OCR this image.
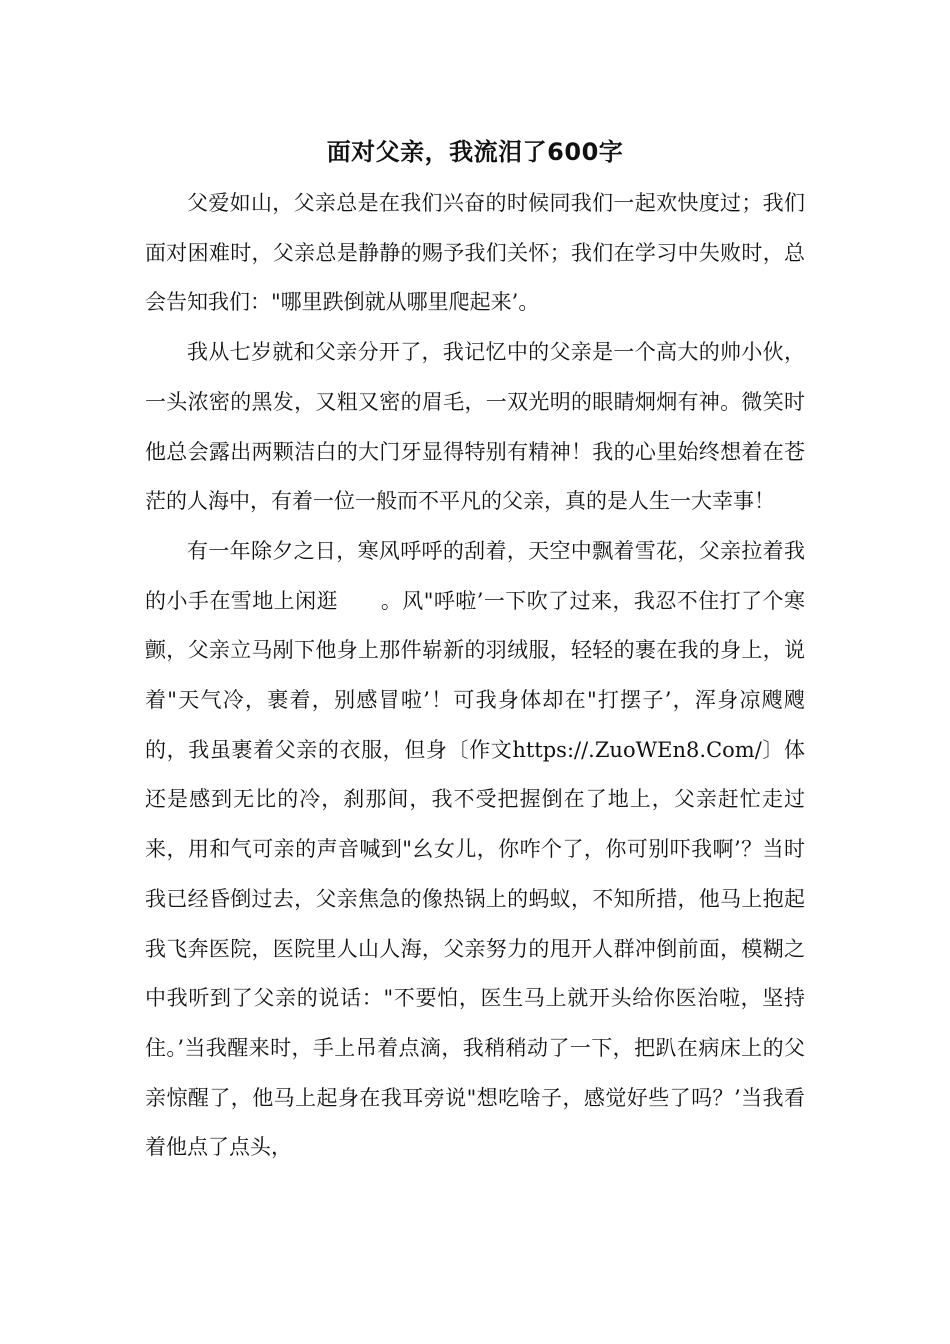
面对父亲，我流泪了600字

父爱如山，父亲总是在我们兴奋的时候同我们一起欢快度过；我们面对困难时，父亲总是静静的赐予我们关怀；我们在学习中失败时，总会告知我们："哪里跌倒就从哪里爬起来’。

我从七岁就和父亲分开了，我记忆中的父亲是一个高大的帅小伙，一头浓密的黑发，又粗又密的眉毛，一双光明的眼睛炯炯有神。微笑时他总会露出两颗洁白的大门牙显得特别有精神！我的心里始终想着在苍茫的人海中，有着一位一般而不平凡的父亲，真的是人生一大幸事！

有一年除夕之日，寒风呼呼的刮着，天空中飘着雪花，父亲拉着我的小手在雪地上闲逛　　。风"呼啦’一下吹了过来，我忍不住打了个寒颤，父亲立马剐下他身上那件崭新的羽绒服，轻轻的裹在我的身上，说着"天气冷，裹着，别感冒啦’！可我身体却在"打摆子’，浑身凉飕飕的，我虽裹着父亲的衣服，但身〔作文https://.ZuoWEn8.Com/〕体还是感到无比的冷，刹那间，我不受把握倒在了地上，父亲赶忙走过来，用和气可亲的声音喊到"幺女儿，你咋个了，你可别吓我啊’？当时我已经昏倒过去，父亲焦急的像热锅上的蚂蚁，不知所措，他马上抱起我飞奔医院，医院里人山人海，父亲努力的甩开人群冲倒前面，模糊之中我听到了父亲的说话："不要怕，医生马上就开头给你医治啦，坚持住。’当我醒来时，手上吊着点滴，我稍稍动了一下，把趴在病床上的父亲惊醒了，他马上起身在我耳旁说"想吃啥子，感觉好些了吗？’当我看着他点了点头，
